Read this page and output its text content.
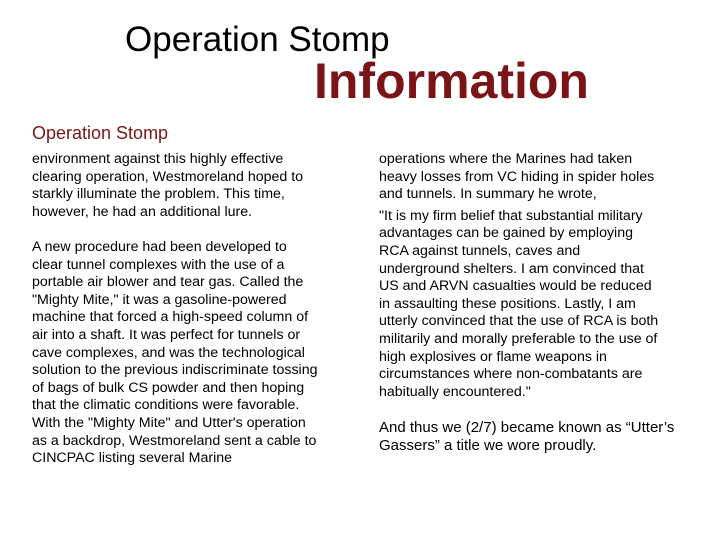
Operation Stomp
Information
Operation Stomp

environment against this highly effective
clearing operation, Westmoreland hoped to
starkly illuminate the problem. This time,
however, he had an additional lure.

A new procedure had been developed to
clear tunnel complexes with the use of a
portable air blower and tear gas. Called the
"Mighty Mite," it was a gasoline-powered
machine that forced a high-speed column of
air into a shaft. It was perfect for tunnels or
cave complexes, and was the technological
solution to the previous indiscriminate tossing
of bags of bulk CS powder and then hoping
that the climatic conditions were favorable.
With the "Mighty Mite" and Utter's operation
as a backdrop, Westmoreland sent a cable to
CINCPAC listing several Marine

operations where the Marines had taken
heavy losses from VC hiding in spider holes
and tunnels. In summary he wrote,

"It is my firm belief that substantial military
advantages can be gained by employing
RCA against tunnels, caves and
underground shelters. I am convinced that
US and ARVN casualties would be reduced
in assaulting these positions. Lastly, I am
utterly convinced that the use of RCA is both
militarily and morally preferable to the use of
high explosives or flame weapons in
circumstances where non-combatants are
habitually encountered."

And thus we (2/7) became known as “Utter’s
Gassers” a title we wore proudly.
